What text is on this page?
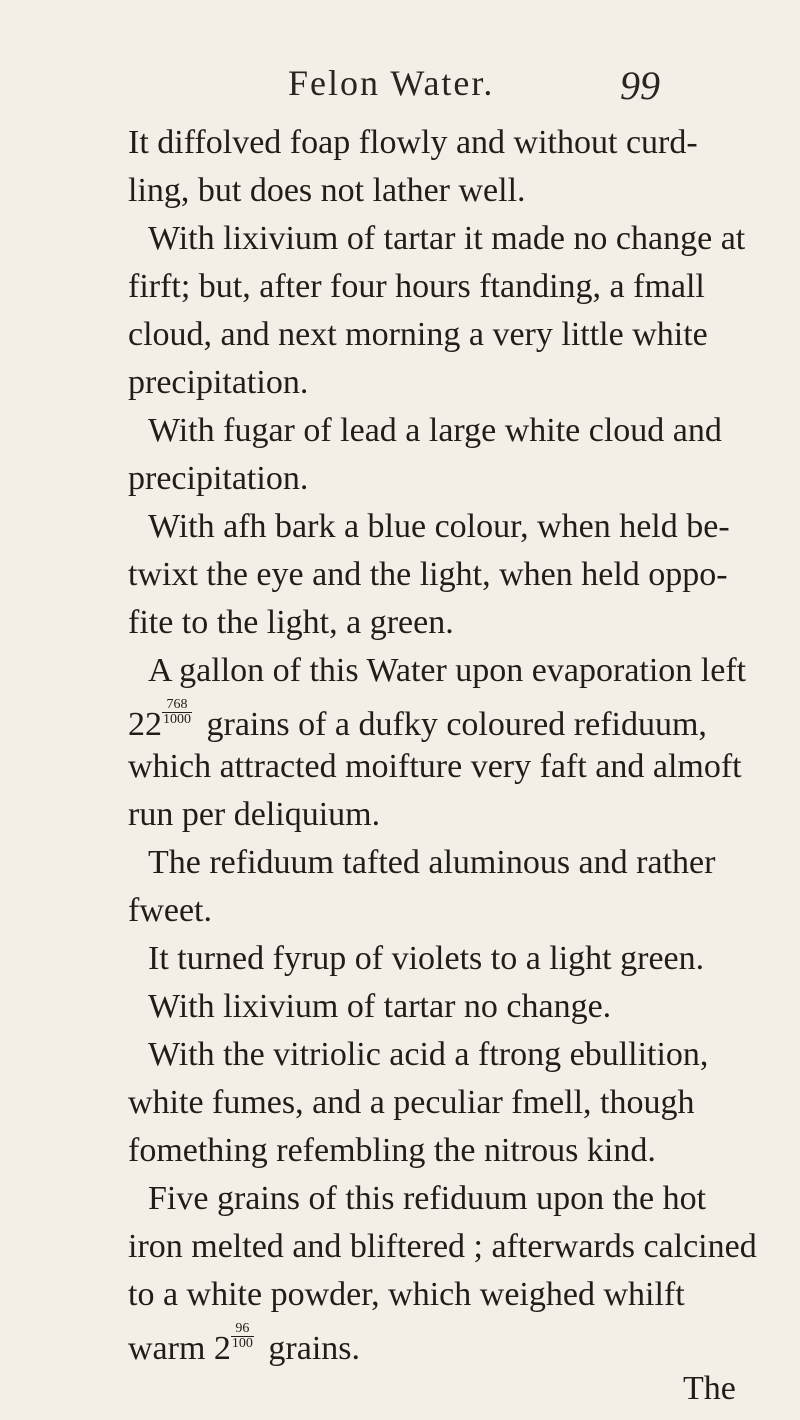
Felon Water.	99
It diffolved foap flowly and without curd-
ling, but does not lather well.
With lixivium of tartar it made no change at
firft; but, after four hours ftanding, a fmall
cloud, and next morning a very little white
precipitation.
With fugar of lead a large white cloud and
precipitation.
With afh bark a blue colour, when held be-
twixt the eye and the light, when held oppo-
fite to the light, a green.
A gallon of this Water upon evaporation left
$22 \frac{768}{1000}$ grains of a dufky coloured refiduum,
which attracted moifture very faft and almoft
run per deliquium.
The refiduum tafted aluminous and rather
fweet.
It turned fyrup of violets to a light green.
With lixivium of tartar no change.
With the vitriolic acid a ftrong ebullition,
white fumes, and a peculiar fmell, though
fomething refembling the nitrous kind.
Five grains of this refiduum upon the hot
iron melted and bliftered ; afterwards calcined
to a white powder, which weighed whilft
warm $2 \frac{96}{100}$ grains.
The
